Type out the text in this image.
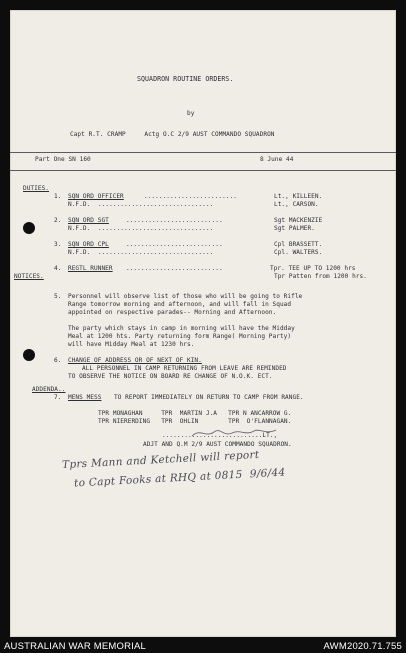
SQUADRON ROUTINE ORDERS.
by
Capt R.T. CRAMP     Actg O.C 2/9 AUST COMMANDO SQUADRON
Part One SN 160	8 June 44
DUTIES.
1. SQN ORD OFFICER	.........................	Lt., KILLEEN.
N.F.D. ...............................	Lt., CARSON.
2. SQN ORD SGT	..........................	Sgt MACKENZIE
N.F.D. ...............................	Sgt PALMER.
3. SQN ORD CPL	..........................	Cpl BRASSETT.
N.F.D. ...............................	Cpl. WALTERS.
4. REGTL RUNNER ..........................	Tpr. TEE UP TO 1200 hrs
Tpr Patten from 1200 hrs.
NOTICES.
5. Personnel will observe list of those who will be going to Rifle
Range tomorrow morning and afternoon, and will fall in Squad
appointed on respective parades-- Morning and Afternoon.
The party which stays in camp in morning will have the Midday
Meal at 1200 hts. Party returning form Range( Morning Party)
will have Midday Meal at 1230 hrs.
6. CHANGE OF ADDRESS OR OF NEXT OF KIN.
ALL PERSONNEL IN CAMP RETURNING FROM LEAVE ARE REMINDED
TO OBSERVE THE NOTICE ON BOARD RE CHANGE OF N.O.K. ECT.
ADDENDA..
7. MENS MESS TO REPORT IMMEDIATELY ON RETURN TO CAMP FROM RANGE.
TPR MONAGHAN     TPR  MARTIN J.A   TPR N ANCARROW G.
TPR NIERERDING   TPR  OHLIN        TPR  O'FLANNAGAN.
...........................LT.,
ADJT AND Q.M 2/9 AUST COMMANDO SQUADRON.
Tprs Mann and Ketchell will report
to Capt Fooks at RHQ at 0815  9/6/44
AUSTRALIAN WAR MEMORIAL	AWM2020.71.755
